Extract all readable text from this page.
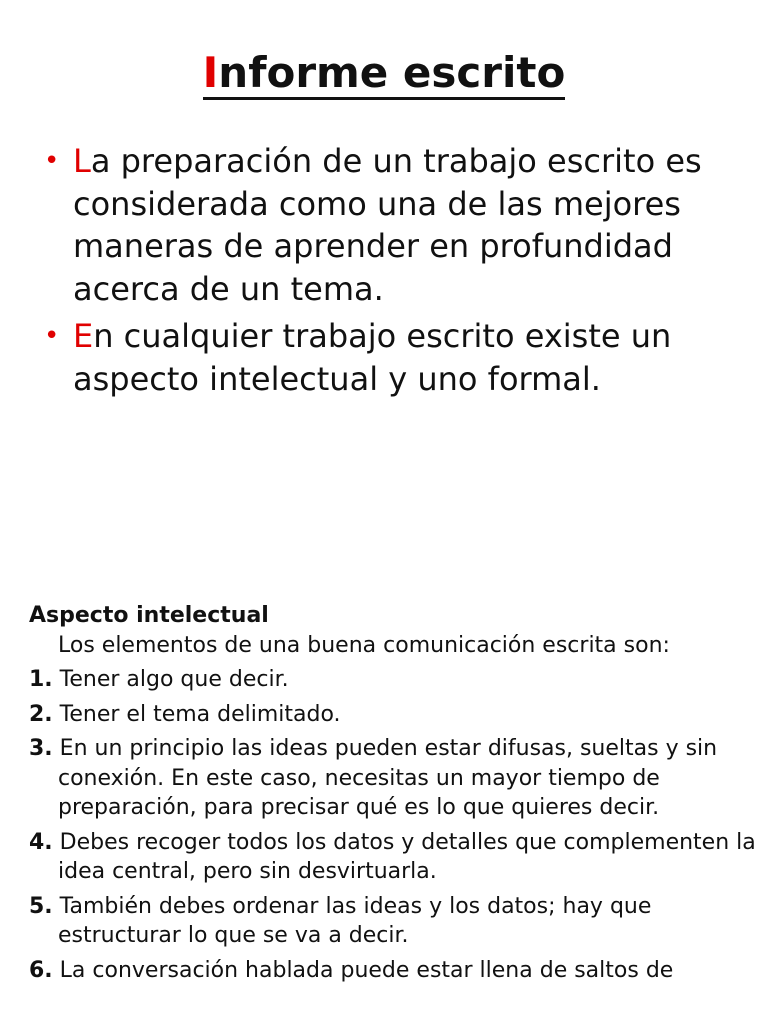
Informe escrito
• La preparación de un trabajo escrito es considerada como una de las mejores maneras de aprender en profundidad acerca de un tema.
• En cualquier trabajo escrito existe un aspecto intelectual y uno formal.
Aspecto intelectual
Los elementos de una buena comunicación escrita son:
1. Tener algo que decir.
2. Tener el tema delimitado.
3. En un principio las ideas pueden estar difusas, sueltas y sin conexión. En este caso, necesitas un mayor tiempo de preparación, para precisar qué es lo que quieres decir.
4. Debes recoger todos los datos y detalles que complementen la idea central, pero sin desvirtuarla.
5. También debes ordenar las ideas y los datos; hay que estructurar lo que se va a decir.
6. La conversación hablada puede estar llena de saltos de
